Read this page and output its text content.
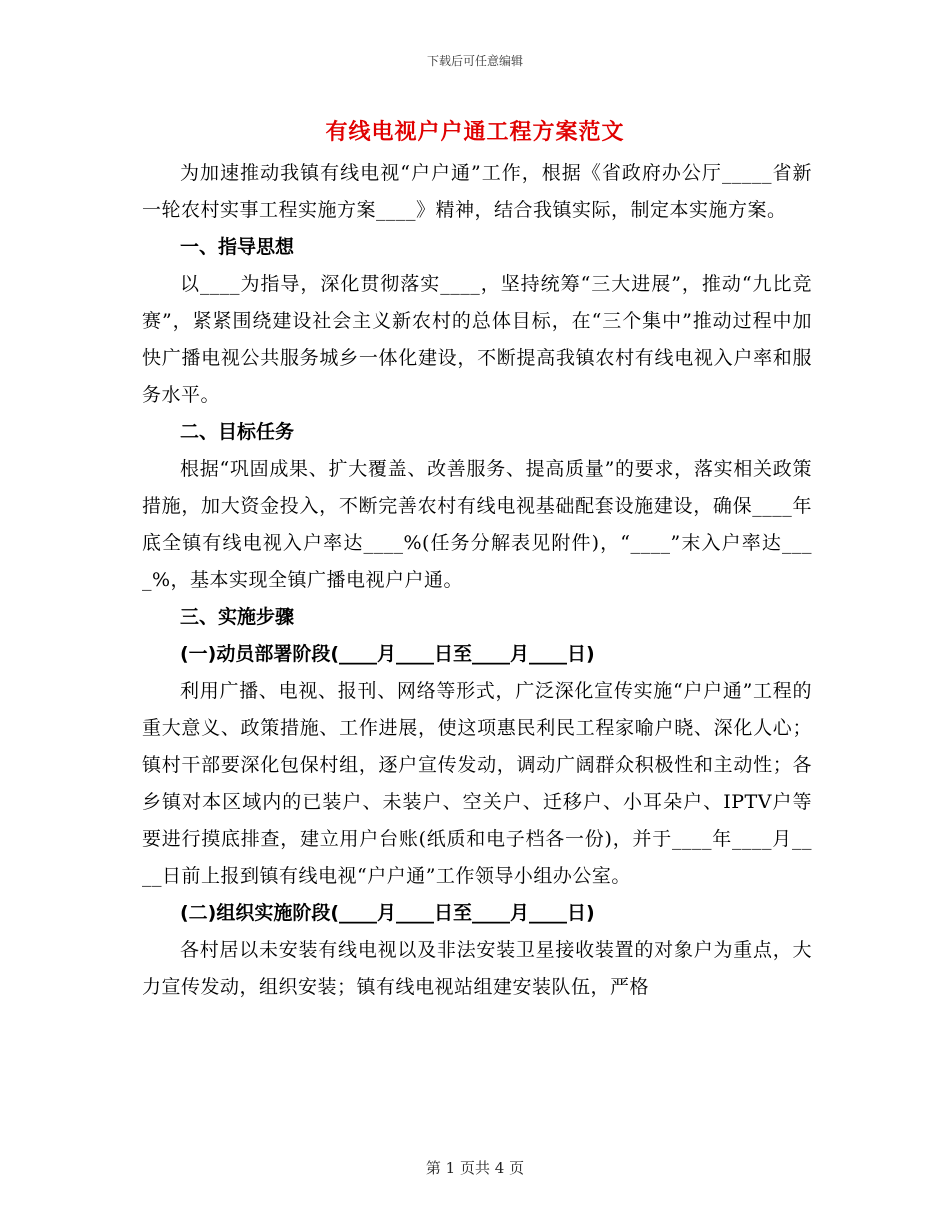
下载后可任意编辑
有线电视户户通工程方案范文

为加速推动我镇有线电视“户户通”工作，根据《省政府办公厅_____省新一轮农村实事工程实施方案____》精神，结合我镇实际，制定本实施方案。

一、指导思想

以____为指导，深化贯彻落实____，坚持统筹“三大进展”，推动“九比竞赛”，紧紧围绕建设社会主义新农村的总体目标，在“三个集中”推动过程中加快广播电视公共服务城乡一体化建设，不断提高我镇农村有线电视入户率和服务水平。

二、目标任务

根据“巩固成果、扩大覆盖、改善服务、提高质量”的要求，落实相关政策措施，加大资金投入，不断完善农村有线电视基础配套设施建设，确保____年底全镇有线电视入户率达____%(任务分解表见附件)，“____”末入户率达____%，基本实现全镇广播电视户户通。

三、实施步骤

(一)动员部署阶段(____月____日至____月____日)

利用广播、电视、报刊、网络等形式，广泛深化宣传实施“户户通”工程的重大意义、政策措施、工作进展，使这项惠民利民工程家喻户晓、深化人心；镇村干部要深化包保村组，逐户宣传发动，调动广阔群众积极性和主动性；各乡镇对本区域内的已装户、未装户、空关户、迁移户、小耳朵户、IPTV户等要进行摸底排查，建立用户台账(纸质和电子档各一份)，并于____年____月____日前上报到镇有线电视“户户通”工作领导小组办公室。

(二)组织实施阶段(____月____日至____月____日)

各村居以未安装有线电视以及非法安装卫星接收装置的对象户为重点，大力宣传发动，组织安装；镇有线电视站组建安装队伍，严格

第 1 页共 4 页
